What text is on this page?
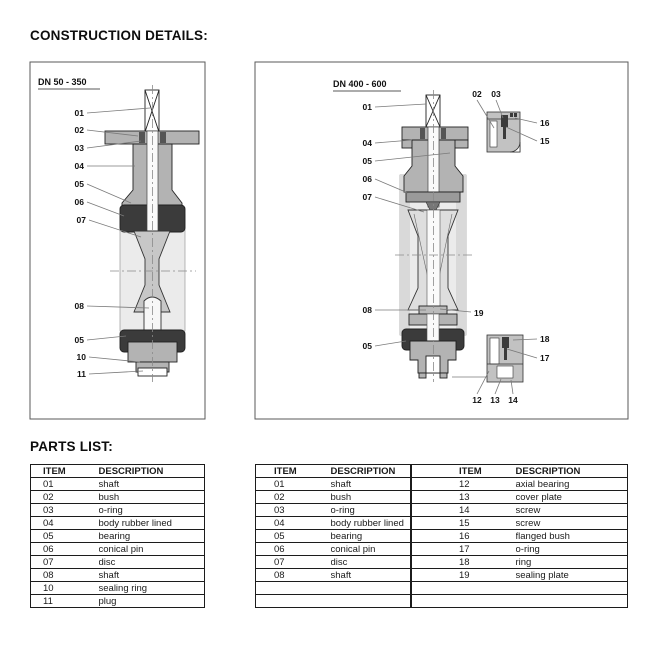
CONSTRUCTION DETAILS:
DN 50 - 350	DN 400 - 600
01
02
03
04
05
06
07
08
05
10
11
01
04
05
06
07
08
05
19
02 03
16
15
18
17
12 13 14
PARTS LIST:
ITEM	DESCRIPTION
01	shaft
02	bush
03	o-ring
04	body rubber lined
05	bearing
06	conical pin
07	disc
08	shaft
10	sealing ring
11	plug
ITEM	DESCRIPTION
01	shaft
02	bush
03	o-ring
04	body rubber lined
05	bearing
06	conical pin
07	disc
08	shaft

ITEM	DESCRIPTION
12	axial bearing
13	cover plate
14	screw
15	screw
16	flanged bush
17	o-ring
18	ring
19	sealing plate
